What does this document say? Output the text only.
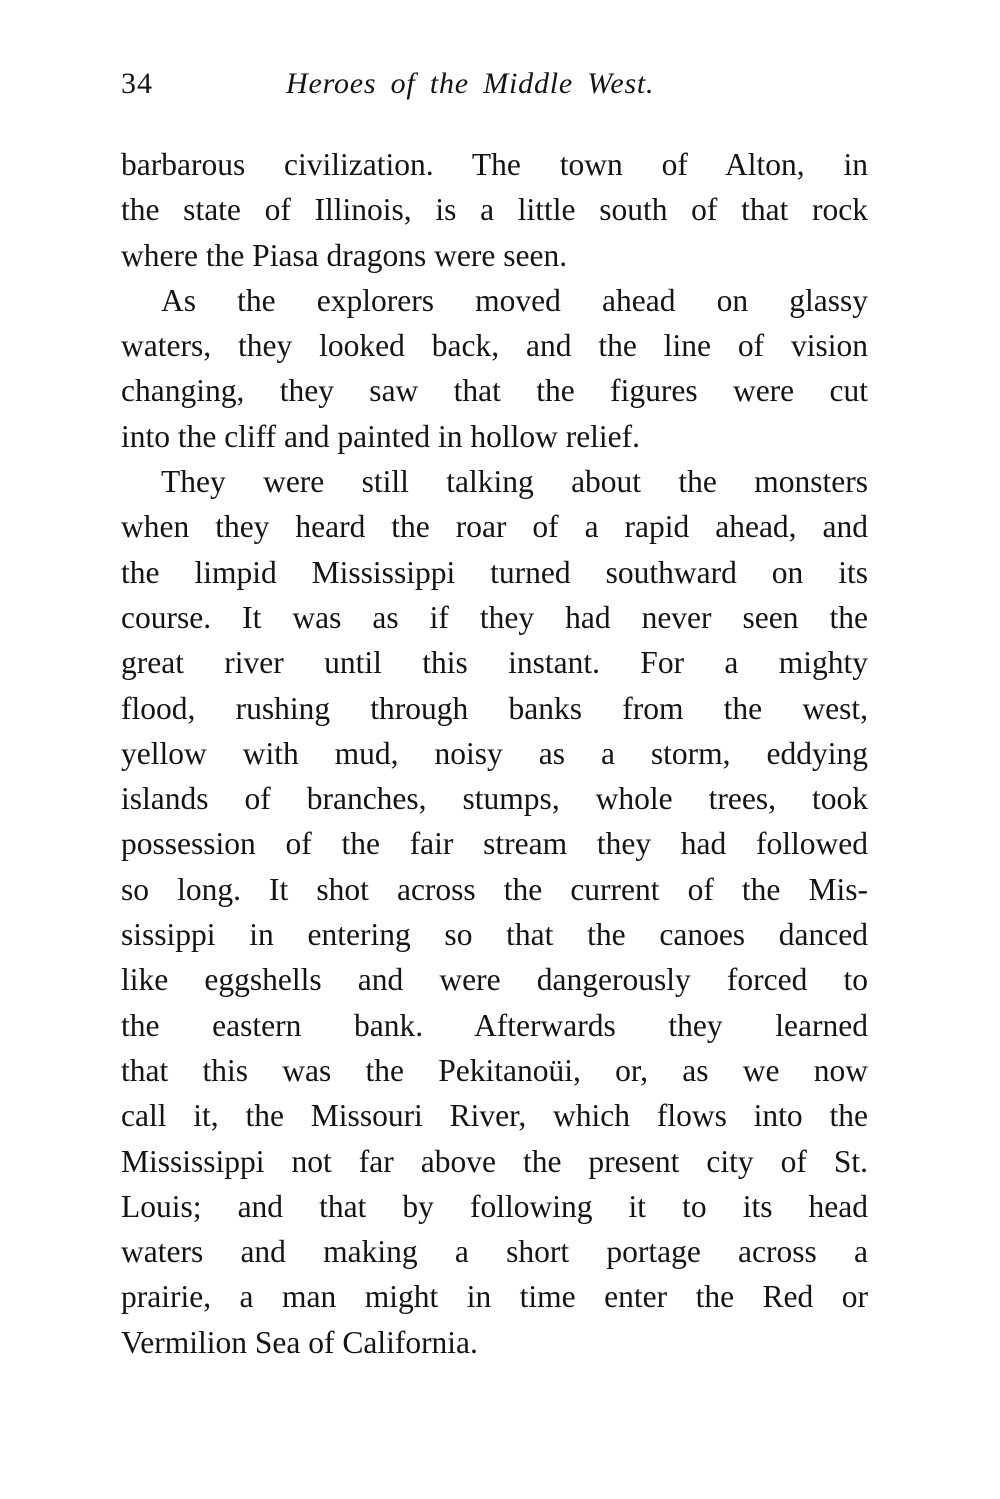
34	Heroes of the Middle West.
barbarous civilization. The town of Alton, in
the state of Illinois, is a little south of that rock
where the Piasa dragons were seen.
As the explorers moved ahead on glassy
waters, they looked back, and the line of vision
changing, they saw that the figures were cut
into the cliff and painted in hollow relief.
They were still talking about the monsters
when they heard the roar of a rapid ahead, and
the limpid Mississippi turned southward on its
course. It was as if they had never seen the
great river until this instant. For a mighty
flood, rushing through banks from the west,
yellow with mud, noisy as a storm, eddying
islands of branches, stumps, whole trees, took
possession of the fair stream they had followed
so long. It shot across the current of the Mis-
sissippi in entering so that the canoes danced
like eggshells and were dangerously forced to
the eastern bank. Afterwards they learned
that this was the Pekitanoüi, or, as we now
call it, the Missouri River, which flows into the
Mississippi not far above the present city of St.
Louis; and that by following it to its head
waters and making a short portage across a
prairie, a man might in time enter the Red or
Vermilion Sea of California.
